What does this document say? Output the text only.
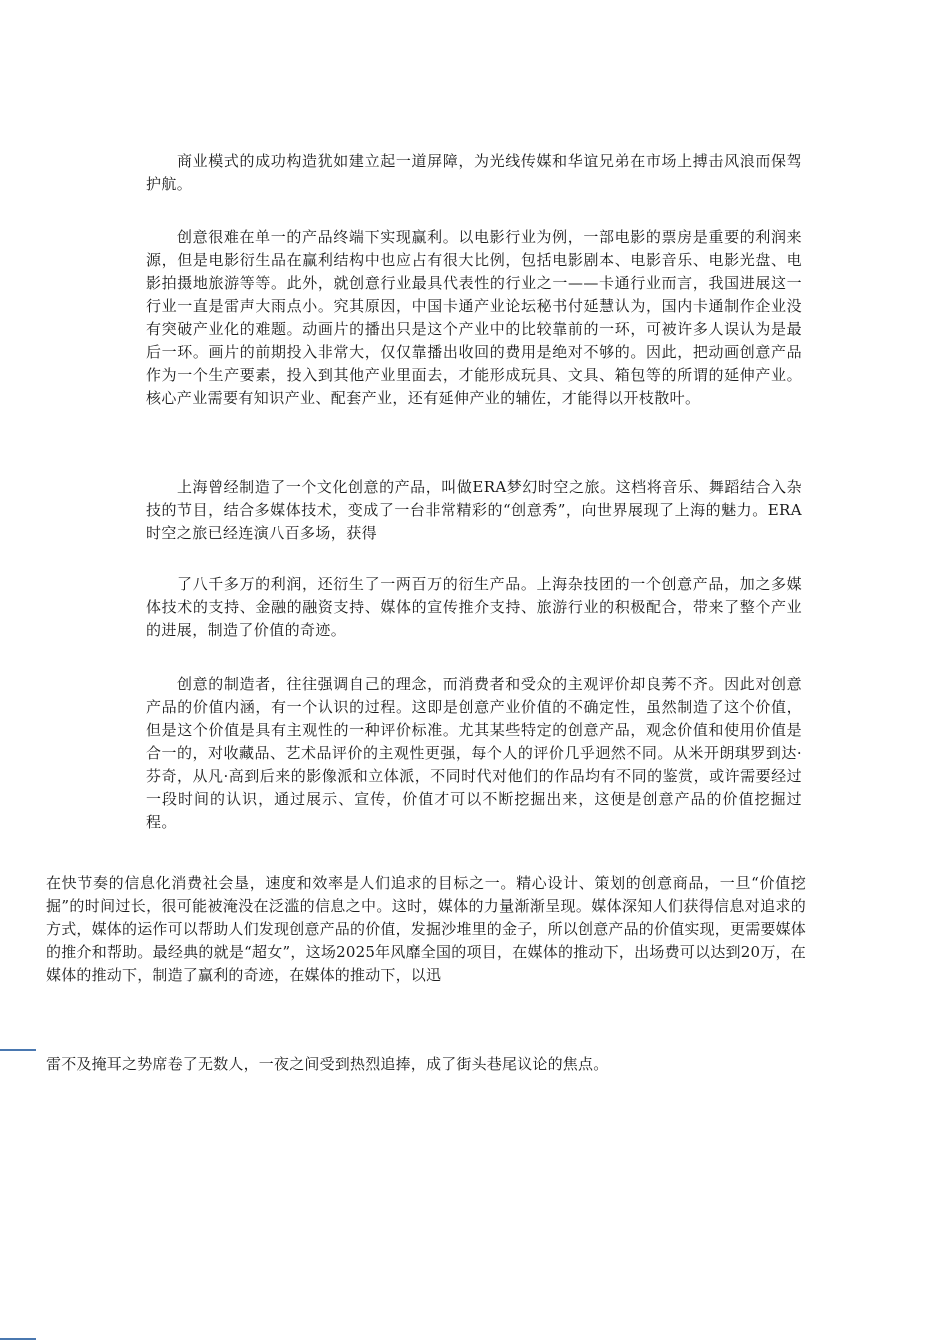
商业模式的成功构造犹如建立起一道屏障，为光线传媒和华谊兄弟在市场上搏击风浪而保驾护航。

创意很难在单一的产品终端下实现赢利。以电影行业为例，一部电影的票房是重要的利润来源，但是电影衍生品在赢利结构中也应占有很大比例，包括电影剧本、电影音乐、电影光盘、电影拍摄地旅游等等。此外，就创意行业最具代表性的行业之一——卡通行业而言，我国进展这一行业一直是雷声大雨点小。究其原因，中国卡通产业论坛秘书付延慧认为，国内卡通制作企业没有突破产业化的难题。动画片的播出只是这个产业中的比较靠前的一环，可被许多人误认为是最后一环。画片的前期投入非常大，仅仅靠播出收回的费用是绝对不够的。因此，把动画创意产品作为一个生产要素，投入到其他产业里面去，才能形成玩具、文具、箱包等的所谓的延伸产业。核心产业需要有知识产业、配套产业，还有延伸产业的辅佐，才能得以开枝散叶。

上海曾经制造了一个文化创意的产品，叫做ERA梦幻时空之旅。这档将音乐、舞蹈结合入杂技的节目，结合多媒体技术，变成了一台非常精彩的“创意秀”，向世界展现了上海的魅力。ERA时空之旅已经连演八百多场，获得

了八千多万的利润，还衍生了一两百万的衍生产品。上海杂技团的一个创意产品，加之多媒体技术的支持、金融的融资支持、媒体的宣传推介支持、旅游行业的积极配合，带来了整个产业的进展，制造了价值的奇迹。

创意的制造者，往往强调自己的理念，而消费者和受众的主观评价却良莠不齐。因此对创意产品的价值内涵，有一个认识的过程。这即是创意产业价值的不确定性，虽然制造了这个价值，但是这个价值是具有主观性的一种评价标准。尤其某些特定的创意产品，观念价值和使用价值是合一的，对收藏品、艺术品评价的主观性更强，每个人的评价几乎迥然不同。从米开朗琪罗到达·芬奇，从凡·高到后来的影像派和立体派，不同时代对他们的作品均有不同的鉴赏，或许需要经过一段时间的认识，通过展示、宣传，价值才可以不断挖掘出来，这便是创意产品的价值挖掘过程。

在快节奏的信息化消费社会垦，速度和效率是人们追求的目标之一。精心设计、策划的创意商品，一旦“价值挖掘”的时间过长，很可能被淹没在泛滥的信息之中。这时，媒体的力量渐渐呈现。媒体深知人们获得信息对追求的方式，媒体的运作可以帮助人们发现创意产品的价值，发掘沙堆里的金子，所以创意产品的价值实现，更需要媒体的推介和帮助。最经典的就是“超女”，这场2025年风靡全国的项目，在媒体的推动下，出场费可以达到20万，在媒体的推动下，制造了赢利的奇迹，在媒体的推动下，以迅

雷不及掩耳之势席卷了无数人，一夜之间受到热烈追捧，成了街头巷尾议论的焦点。
